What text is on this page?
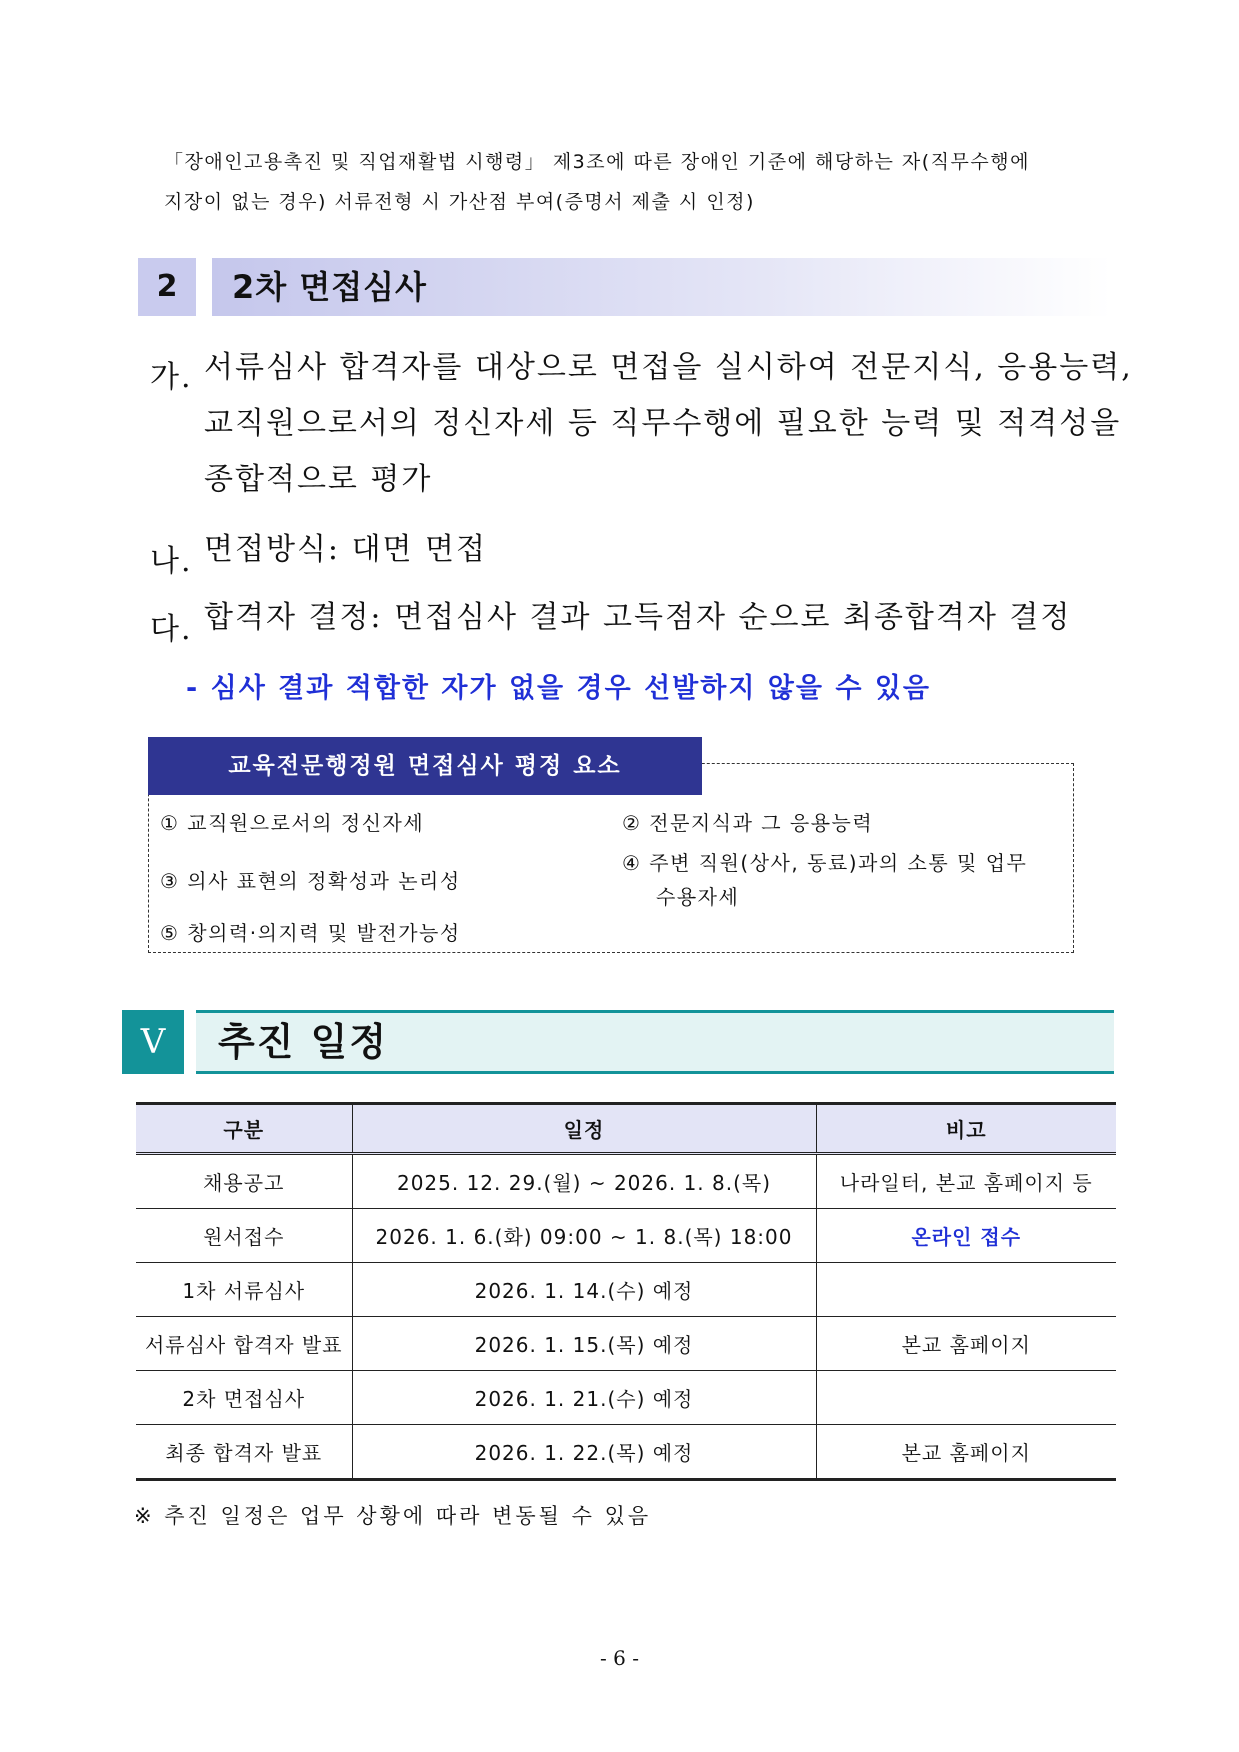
「장애인고용촉진 및 직업재활법 시행령」 제3조에 따른 장애인 기준에 해당하는 자(직무수행에
지장이 없는 경우) 서류전형 시 가산점 부여(증명서 제출 시 인정)
2	2차 면접심사
가. 서류심사 합격자를 대상으로 면접을 실시하여 전문지식, 응용능력,
교직원으로서의 정신자세 등 직무수행에 필요한 능력 및 적격성을
종합적으로 평가
나. 면접방식: 대면 면접
다. 합격자 결정: 면접심사 결과 고득점자 순으로 최종합격자 결정
- 심사 결과 적합한 자가 없을 경우 선발하지 않을 수 있음
교육전문행정원 면접심사 평정 요소
① 교직원으로서의 정신자세	② 전문지식과 그 응용능력
③ 의사 표현의 정확성과 논리성
④ 주변 직원(상사, 동료)과의 소통 및 업무
수용자세
⑤ 창의력·의지력 및 발전가능성
V	추진 일정
구분	일정	비고
채용공고	2025. 12. 29.(월) ~ 2026. 1. 8.(목)	나라일터, 본교 홈페이지 등
원서접수	2026. 1. 6.(화) 09:00 ~ 1. 8.(목) 18:00	온라인 접수
1차 서류심사	2026. 1. 14.(수) 예정	
서류심사 합격자 발표	2026. 1. 15.(목) 예정	본교 홈페이지
2차 면접심사	2026. 1. 21.(수) 예정	
최종 합격자 발표	2026. 1. 22.(목) 예정	본교 홈페이지
※ 추진 일정은 업무 상황에 따라 변동될 수 있음
- 6 -
